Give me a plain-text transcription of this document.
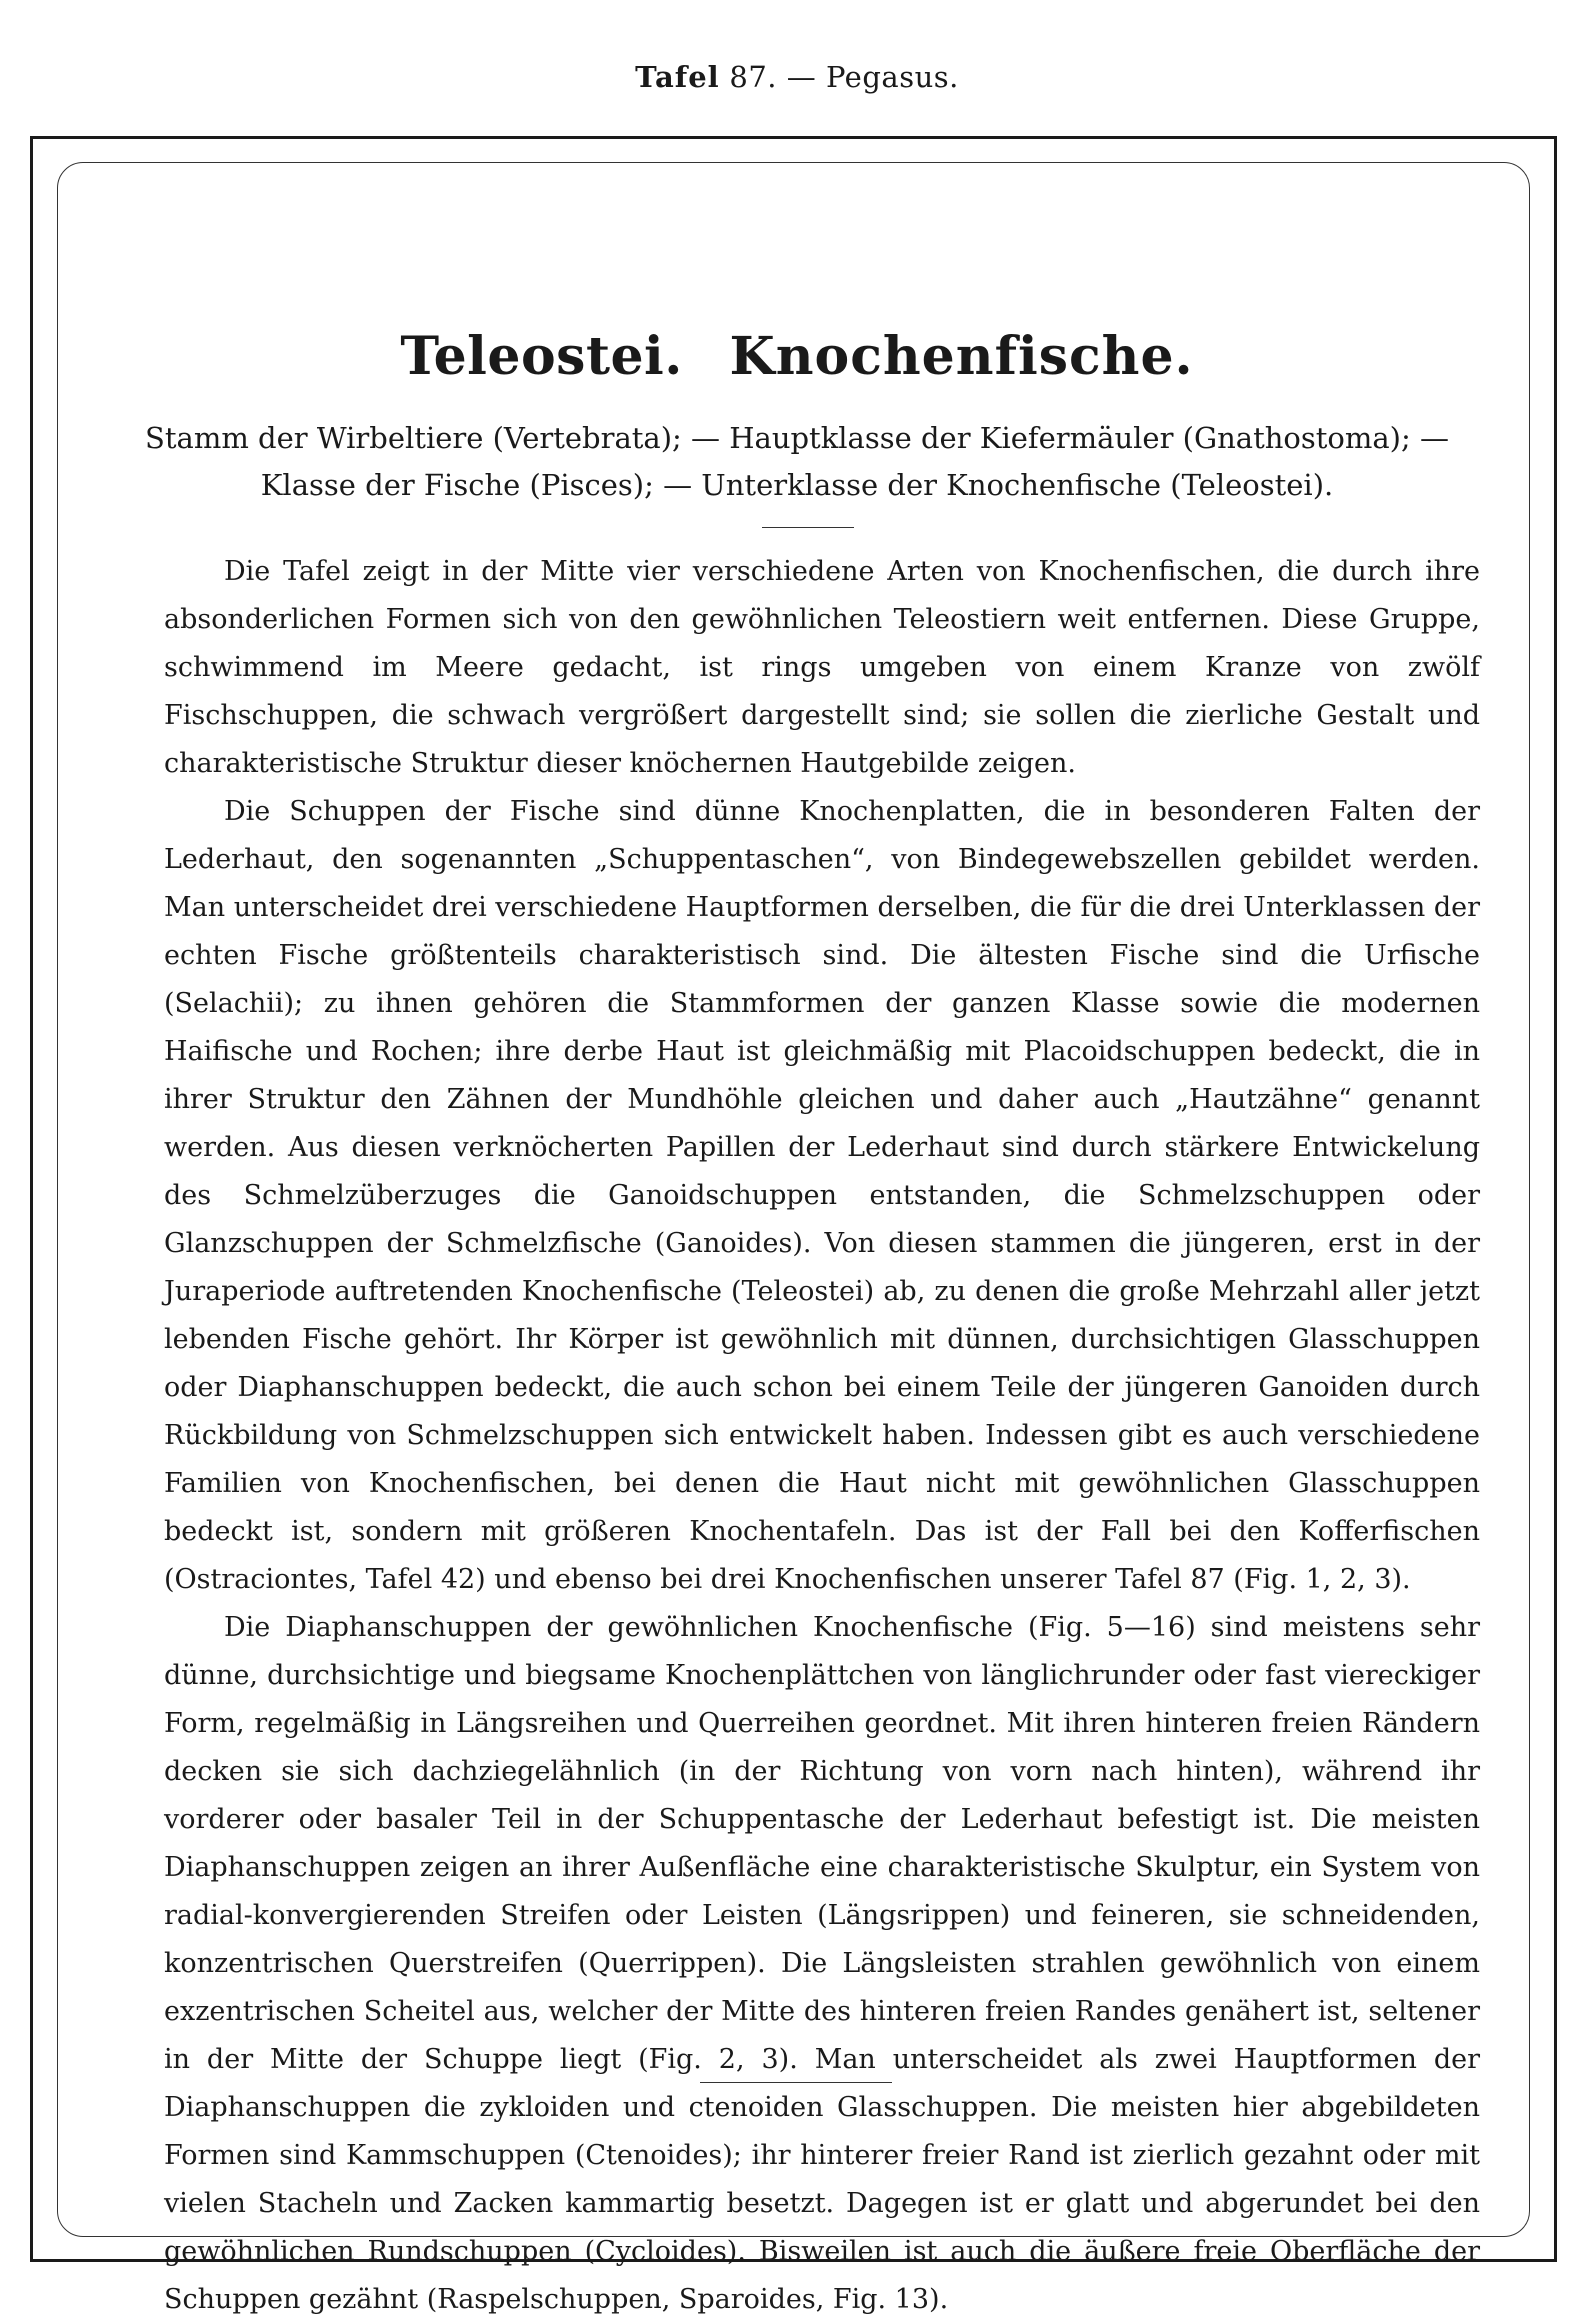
Tafel 87. — Pegasus.
Teleostei. Knochenfische.
Stamm der Wirbeltiere (Vertebrata); — Hauptklasse der Kiefermäuler (Gnathostoma); —
Klasse der Fische (Pisces); — Unterklasse der Knochenfische (Teleostei).

Die Tafel zeigt in der Mitte vier verschiedene Arten von Knochenfischen, die durch ihre absonderlichen Formen sich von den gewöhnlichen Teleostiern weit entfernen. Diese Gruppe, schwimmend im Meere gedacht, ist rings umgeben von einem Kranze von zwölf Fischschuppen, die schwach vergrößert dargestellt sind; sie sollen die zierliche Gestalt und charakteristische Struktur dieser knöchernen Hautgebilde zeigen.

Die Schuppen der Fische sind dünne Knochenplatten, die in besonderen Falten der Lederhaut, den sogenannten „Schuppentaschen“, von Bindegewebszellen gebildet werden. Man unterscheidet drei verschiedene Hauptformen derselben, die für die drei Unterklassen der echten Fische größtenteils charakteristisch sind. Die ältesten Fische sind die Urfische (Selachii); zu ihnen gehören die Stammformen der ganzen Klasse sowie die modernen Haifische und Rochen; ihre derbe Haut ist gleichmäßig mit Placoidschuppen bedeckt, die in ihrer Struktur den Zähnen der Mundhöhle gleichen und daher auch „Hautzähne“ genannt werden. Aus diesen verknöcherten Papillen der Lederhaut sind durch stärkere Entwickelung des Schmelzüberzuges die Ganoidschuppen entstanden, die Schmelzschuppen oder Glanzschuppen der Schmelzfische (Ganoides). Von diesen stammen die jüngeren, erst in der Juraperiode auftretenden Knochenfische (Teleostei) ab, zu denen die große Mehrzahl aller jetzt lebenden Fische gehört. Ihr Körper ist gewöhnlich mit dünnen, durchsichtigen Glasschuppen oder Diaphanschuppen bedeckt, die auch schon bei einem Teile der jüngeren Ganoiden durch Rückbildung von Schmelzschuppen sich entwickelt haben. Indessen gibt es auch verschiedene Familien von Knochenfischen, bei denen die Haut nicht mit gewöhnlichen Glasschuppen bedeckt ist, sondern mit größeren Knochentafeln. Das ist der Fall bei den Kofferfischen (Ostraciontes, Tafel 42) und ebenso bei drei Knochenfischen unserer Tafel 87 (Fig. 1, 2, 3).

Die Diaphanschuppen der gewöhnlichen Knochenfische (Fig. 5—16) sind meistens sehr dünne, durchsichtige und biegsame Knochenplättchen von länglichrunder oder fast viereckiger Form, regelmäßig in Längsreihen und Querreihen geordnet. Mit ihren hinteren freien Rändern decken sie sich dachziegelähnlich (in der Richtung von vorn nach hinten), während ihr vorderer oder basaler Teil in der Schuppentasche der Lederhaut befestigt ist. Die meisten Diaphanschuppen zeigen an ihrer Außenfläche eine charakteristische Skulptur, ein System von radial-konvergierenden Streifen oder Leisten (Längsrippen) und feineren, sie schneidenden, konzentrischen Querstreifen (Querrippen). Die Längsleisten strahlen gewöhnlich von einem exzentrischen Scheitel aus, welcher der Mitte des hinteren freien Randes genähert ist, seltener in der Mitte der Schuppe liegt (Fig. 2, 3). Man unterscheidet als zwei Hauptformen der Diaphanschuppen die zykloiden und ctenoiden Glasschuppen. Die meisten hier abgebildeten Formen sind Kammschuppen (Ctenoides); ihr hinterer freier Rand ist zierlich gezahnt oder mit vielen Stacheln und Zacken kammartig besetzt. Dagegen ist er glatt und abgerundet bei den gewöhnlichen Rundschuppen (Cycloides). Bisweilen ist auch die äußere freie Oberfläche der Schuppen gezähnt (Raspelschuppen, Sparoides, Fig. 13).
